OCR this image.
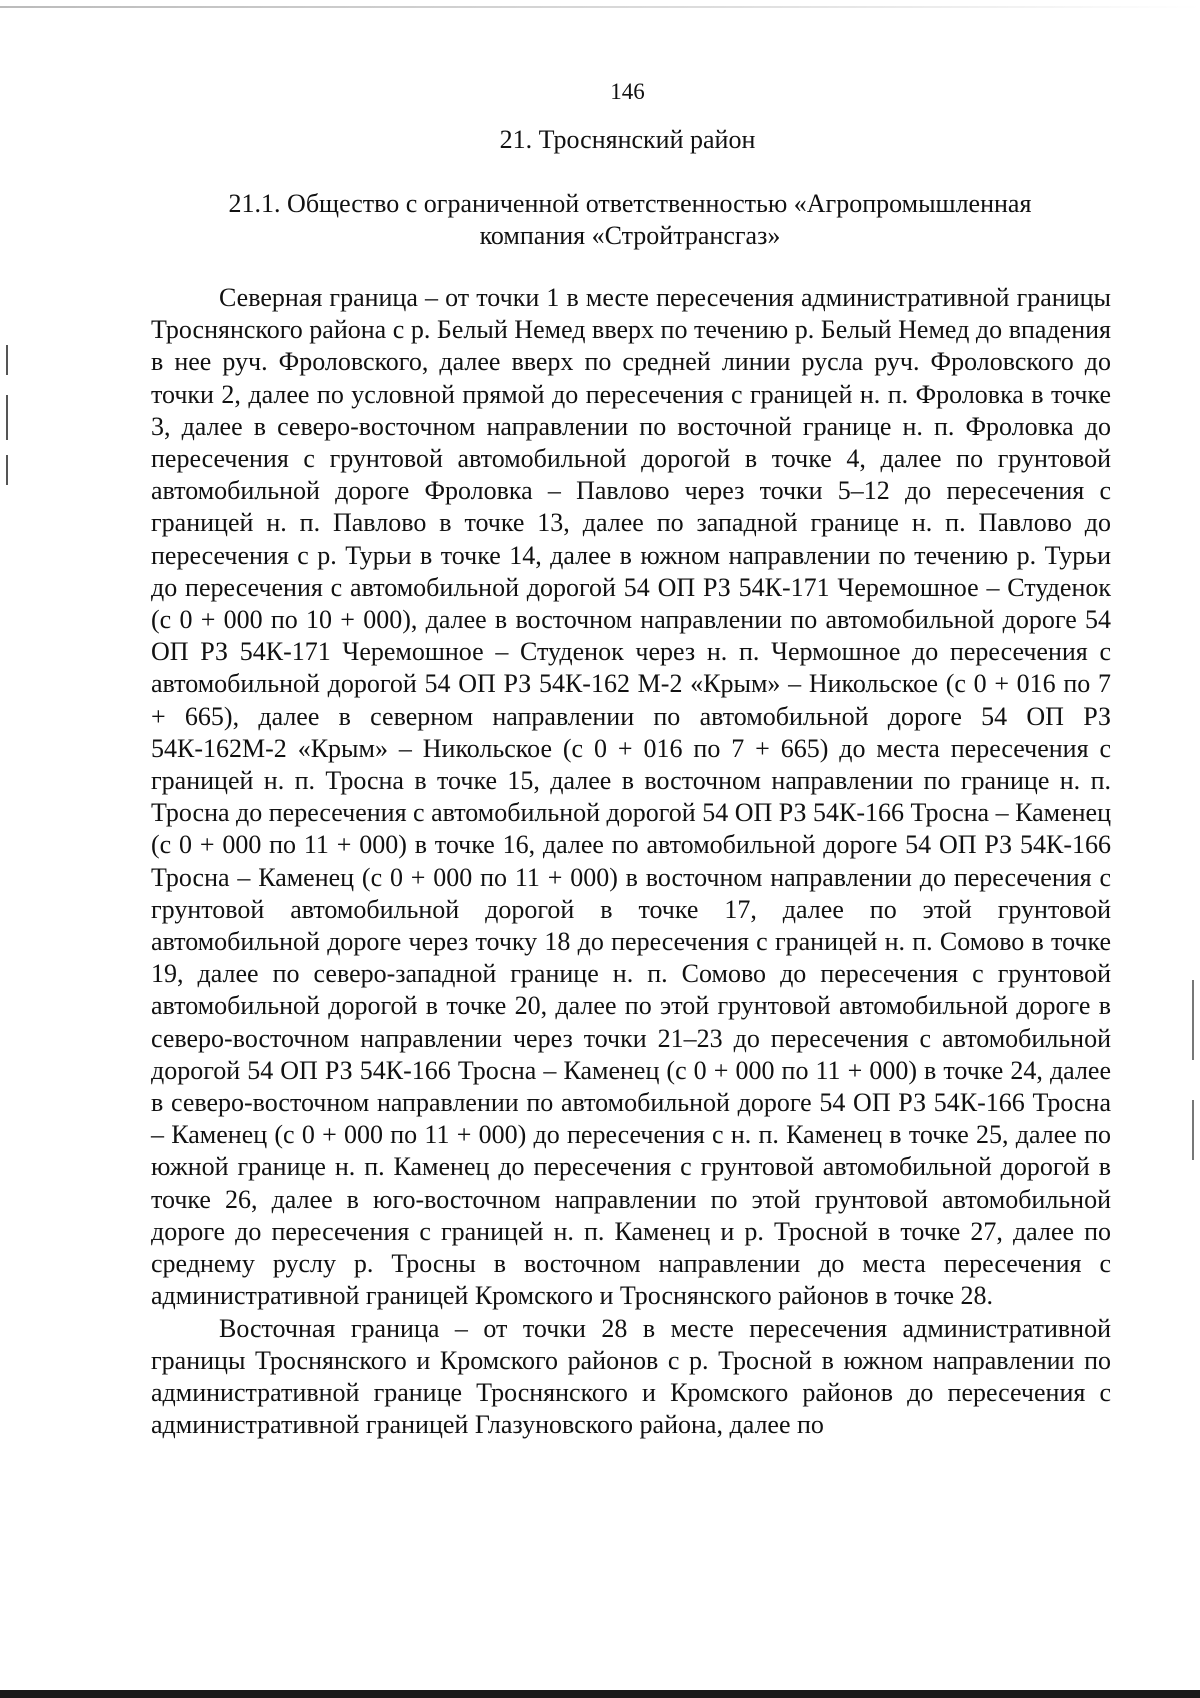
146
21. Троснянский район
21.1. Общество с ограниченной ответственностью «Агропромышленная
компания «Стройтрансгаз»

Северная граница – от точки 1 в месте пересечения административной границы Троснянского района с р. Белый Немед вверх по течению р. Белый Немед до впадения в нее руч. Фроловского, далее вверх по средней линии русла руч. Фроловского до точки 2, далее по условной прямой до пересечения с границей н. п. Фроловка в точке 3, далее в северо-восточном направлении по восточной границе н. п. Фроловка до пересечения с грунтовой автомобильной дорогой в точке 4, далее по грунтовой автомобильной дороге Фроловка – Павлово через точки 5–12 до пересечения с границей н. п. Павлово в точке 13, далее по западной границе н. п. Павлово до пересечения с р. Турьи в точке 14, далее в южном направлении по течению р. Турьи до пересечения с автомобильной дорогой 54 ОП РЗ 54К-171 Черемошное – Студенок (с 0 + 000 по 10 + 000), далее в восточном направлении по автомобильной дороге 54 ОП РЗ 54К-171 Черемошное – Студенок через н. п. Чермошное до пересечения с автомобильной дорогой 54 ОП РЗ 54К-162 М-2 «Крым» – Никольское (с 0 + 016 по 7 + 665), далее в северном направлении по автомобильной дороге 54 ОП РЗ 54К-162М-2 «Крым» – Никольское (с 0 + 016 по 7 + 665) до места пересечения с границей н. п. Тросна в точке 15, далее в восточном направлении по границе н. п. Тросна до пересечения с автомобильной дорогой 54 ОП РЗ 54К-166 Тросна – Каменец (с 0 + 000 по 11 + 000) в точке 16, далее по автомобильной дороге 54 ОП РЗ 54К-166 Тросна – Каменец (с 0 + 000 по 11 + 000) в восточном направлении до пересечения с грунтовой автомобильной дорогой в точке 17, далее по этой грунтовой автомобильной дороге через точку 18 до пересечения с границей н. п. Сомово в точке 19, далее по северо-западной границе н. п. Сомово до пересечения с грунтовой автомобильной дорогой в точке 20, далее по этой грунтовой автомобильной дороге в северо-восточном направлении через точки 21–23 до пересечения с автомобильной дорогой 54 ОП РЗ 54К-166 Тросна – Каменец (с 0 + 000 по 11 + 000) в точке 24, далее в северо-восточном направлении по автомобильной дороге 54 ОП РЗ 54К-166 Тросна – Каменец (с 0 + 000 по 11 + 000) до пересечения с н. п. Каменец в точке 25, далее по южной границе н. п. Каменец до пересечения с грунтовой автомобильной дорогой в точке 26, далее в юго-восточном направлении по этой грунтовой автомобильной дороге до пересечения с границей н. п. Каменец и р. Тросной в точке 27, далее по среднему руслу р. Тросны в восточном направлении до места пересечения с административной границей Кромского и Троснянского районов в точке 28.

Восточная граница – от точки 28 в месте пересечения административной границы Троснянского и Кромского районов с р. Тросной в южном направлении по административной границе Троснянского и Кромского районов до пересечения с административной границей Глазуновского района, далее по
